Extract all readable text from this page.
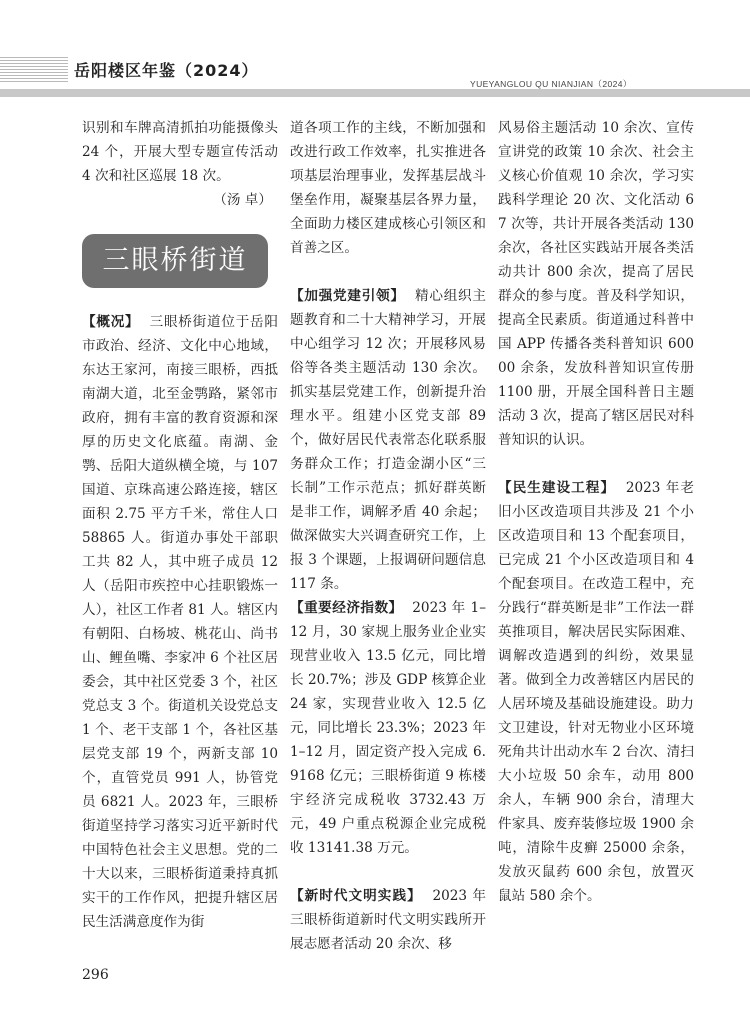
岳阳楼区年鉴（2024）
YUEYANGLOU QU NIANJIAN（2024）

识别和车牌高清抓拍功能摄像头 24 个，开展大型专题宣传活动 4 次和社区巡展 18 次。

（汤 卓）

三眼桥街道

【概况】 三眼桥街道位于岳阳市政治、经济、文化中心地域，东达王家河，南接三眼桥，西抵南湖大道，北至金鹗路，紧邻市政府，拥有丰富的教育资源和深厚的历史文化底蕴。南湖、金鹗、岳阳大道纵横全境，与 107 国道、京珠高速公路连接，辖区面积 2.75 平方千米，常住人口 58865 人。街道办事处干部职工共 82 人，其中班子成员 12 人（岳阳市疾控中心挂职锻炼一人），社区工作者 81 人。辖区内有朝阳、白杨坡、桃花山、尚书山、鲤鱼嘴、李家冲 6 个社区居委会，其中社区党委 3 个，社区党总支 3 个。街道机关设党总支 1 个、老干支部 1 个，各社区基层党支部 19 个，两新支部 10 个，直管党员 991 人，协管党员 6821 人。2023 年，三眼桥街道坚持学习落实习近平新时代中国特色社会主义思想。党的二十大以来，三眼桥街道秉持真抓实干的工作作风，把提升辖区居民生活满意度作为街

道各项工作的主线，不断加强和改进行政工作效率，扎实推进各项基层治理事业，发挥基层战斗堡垒作用，凝聚基层各界力量，全面助力楼区建成核心引领区和首善之区。

【加强党建引领】 精心组织主题教育和二十大精神学习，开展中心组学习 12 次；开展移风易俗等各类主题活动 130 余次。抓实基层党建工作，创新提升治理水平。组建小区党支部 89 个，做好居民代表常态化联系服务群众工作；打造金湖小区“三长制”工作示范点；抓好群英断是非工作，调解矛盾 40 余起；做深做实大兴调查研究工作，上报 3 个课题，上报调研问题信息 117 条。

【重要经济指数】 2023 年 1–12 月，30 家规上服务业企业实现营业收入 13.5 亿元，同比增长 20.7%；涉及 GDP 核算企业 24 家，实现营业收入 12.5 亿元，同比增长 23.3%；2023 年 1–12 月，固定资产投入完成 6.9168 亿元；三眼桥街道 9 栋楼宇经济完成税收 3732.43 万元，49 户重点税源企业完成税收 13141.38 万元。

【新时代文明实践】 2023 年三眼桥街道新时代文明实践所开展志愿者活动 20 余次、移

风易俗主题活动 10 余次、宣传宣讲党的政策 10 余次、社会主义核心价值观 10 余次，学习实践科学理论 20 次、文化活动 67 次等，共计开展各类活动 130 余次，各社区实践站开展各类活动共计 800 余次，提高了居民群众的参与度。普及科学知识，提高全民素质。街道通过科普中国 APP 传播各类科普知识 60000 余条，发放科普知识宣传册 1100 册，开展全国科普日主题活动 3 次，提高了辖区居民对科普知识的认识。

【民生建设工程】 2023 年老旧小区改造项目共涉及 21 个小区改造项目和 13 个配套项目，已完成 21 个小区改造项目和 4 个配套项目。在改造工程中，充分践行“群英断是非”工作法一群英推项目，解决居民实际困难、调解改造遇到的纠纷，效果显著。做到全力改善辖区内居民的人居环境及基础设施建设。助力文卫建设，针对无物业小区环境死角共计出动水车 2 台次、清扫大小垃圾 50 余车，动用 800 余人，车辆 900 余台，清理大件家具、废弃装修垃圾 1900 余吨，清除牛皮癣 25000 余条，发放灭鼠药 600 余包，放置灭鼠站 580 余个。

296
